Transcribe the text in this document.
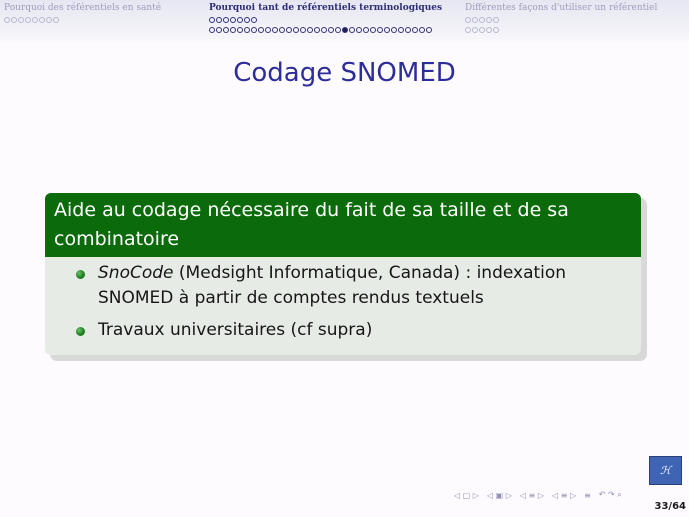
Pourquoi des référentiels en santé	Pourquoi tant de référentiels terminologiques	Différentes façons d'utiliser un référentiel
Codage SNOMED
Aide au codage nécessaire du fait de sa taille et de sa combinatoire
SnoCode (Medsight Informatique, Canada) : indexation SNOMED à partir de comptes rendus textuels
Travaux universitaires (cf supra)
ℋ
◁ ▢ ▷ ◁ ▣ ▷ ◁ ≡ ▷ ◁ ≡ ▷ ≡ ↶ ↷ ⌕
33/64
